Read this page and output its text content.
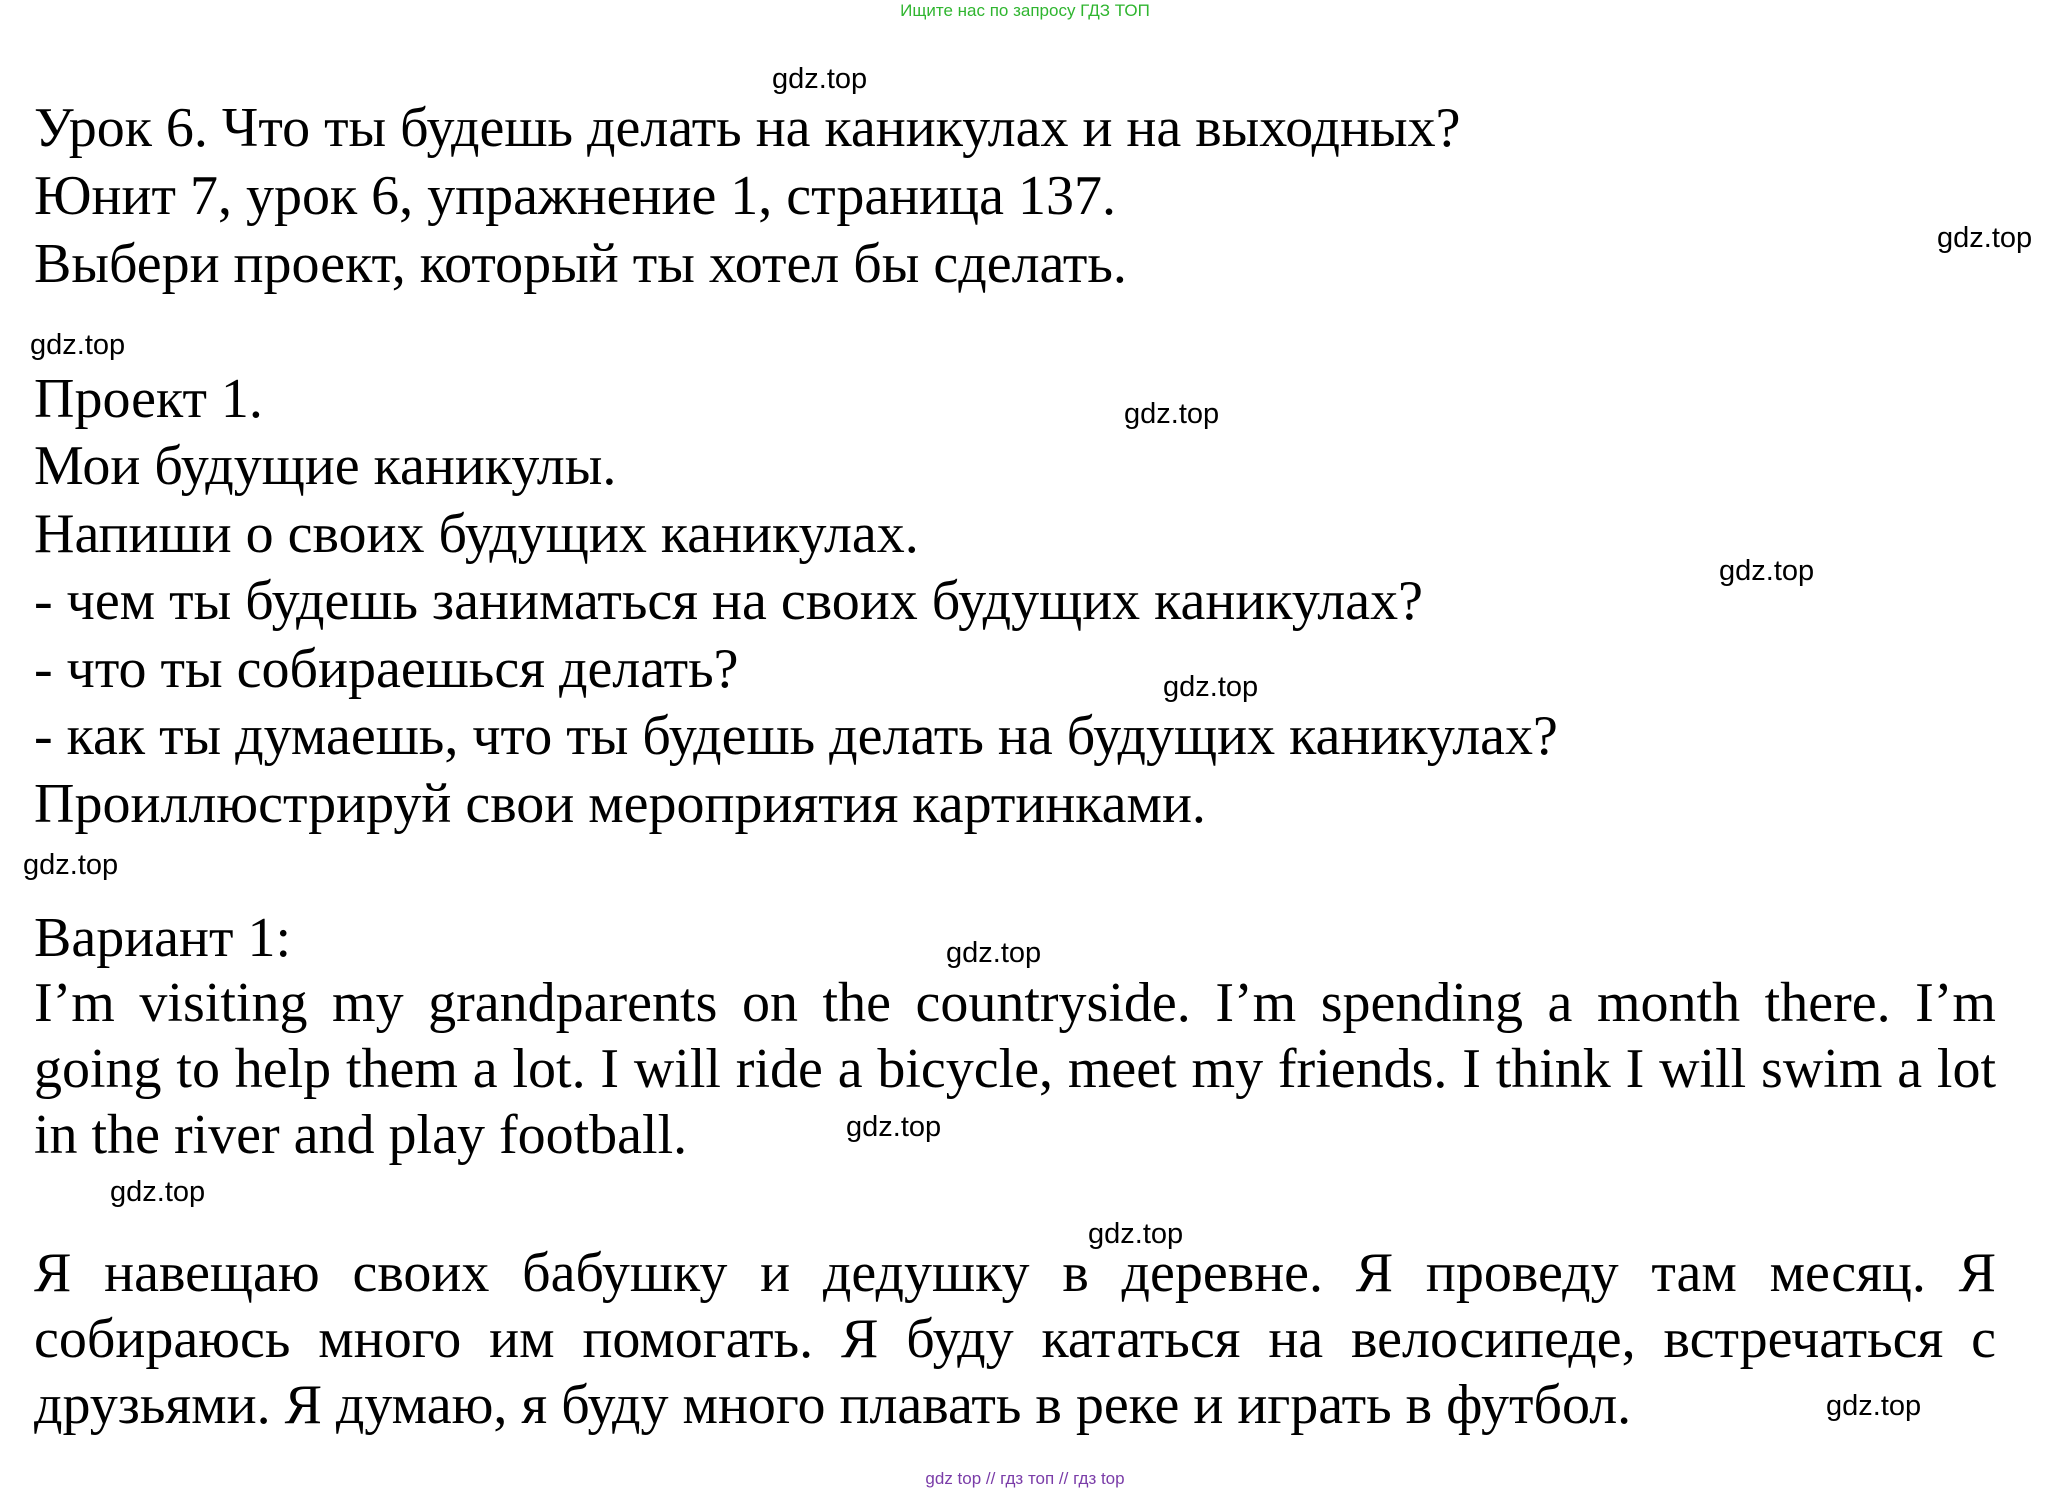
Ищите нас по запросу ГДЗ ТОП
Урок 6. Что ты будешь делать на каникулах и на выходных?
Юнит 7, урок 6, упражнение 1, страница 137.
Выбери проект, который ты хотел бы сделать.
Проект 1.
Мои будущие каникулы.
Напиши о своих будущих каникулах.
- чем ты будешь заниматься на своих будущих каникулах?
- что ты собираешься делать?
- как ты думаешь, что ты будешь делать на будущих каникулах?
Проиллюстрируй свои мероприятия картинками.
Вариант 1:
I’m visiting my grandparents on the countryside. I’m spending a month there. I’m going to help them a lot. I will ride a bicycle, meet my friends. I think I will swim a lot in the river and play football.
Я навещаю своих бабушку и дедушку в деревне. Я проведу там месяц. Я собираюсь много им помогать. Я буду кататься на велосипеде, встречаться с друзьями. Я думаю, я буду много плавать в реке и играть в футбол.
gdz.top
gdz.top
gdz.top
gdz.top
gdz.top
gdz.top
gdz.top
gdz.top
gdz.top
gdz.top
gdz.top
gdz.top
gdz top // гдз топ // гдз top
